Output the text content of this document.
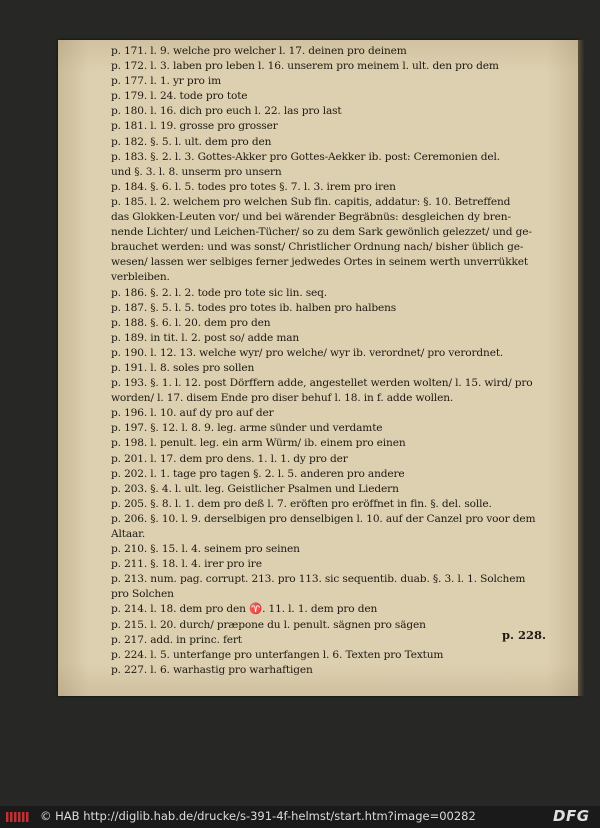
p. 171. l. 9. welche pro welcher l. 17. deinen pro deinem
p. 172. l. 3. laben pro leben l. 16. unserem pro meinem l. ult. den pro dem
p. 177. l. 1. yr pro im
p. 179. l. 24. tode pro tote
p. 180. l. 16. dich pro euch l. 22. las pro last
p. 181. l. 19. grosse pro grosser
p. 182. §. 5. l. ult. dem pro den
p. 183. §. 2. l. 3. Gottes-Akker pro Gottes-Aekker ib. post: Ceremonien del.
und §. 3. l. 8. unserm pro unsern
p. 184. §. 6. l. 5. todes pro totes §. 7. l. 3. irem pro iren
p. 185. l. 2. welchem pro welchen Sub fin. capitis, addatur: §. 10. Betreffend
das Glokken-Leuten vor/ und bei wärender Begräbnüs: desgleichen dy bren-
nende Lichter/ und Leichen-Tücher/ so zu dem Sark gewönlich gelezzet/ und ge-
brauchet werden: und was sonst/ Christlicher Ordnung nach/ bisher üblich ge-
wesen/ lassen wer selbiges ferner jedwedes Ortes in seinem werth unverrükket
verbleiben.
p. 186. §. 2. l. 2. tode pro tote sic lin. seq.
p. 187. §. 5. l. 5. todes pro totes ib. halben pro halbens
p. 188. §. 6. l. 20. dem pro den
p. 189. in tit. l. 2. post so/ adde man
p. 190. l. 12. 13. welche wyr/ pro welche/ wyr ib. verordnet/ pro verordnet.
p. 191. l. 8. soles pro sollen
p. 193. §. 1. l. 12. post Dörffern adde, angestellet werden wolten/ l. 15. wird/ pro
worden/ l. 17. disem Ende pro diser behuf l. 18. in f. adde wollen.
p. 196. l. 10. auf dy pro auf der
p. 197. §. 12. l. 8. 9. leg. arme sünder und verdamte
p. 198. l. penult. leg. ein arm Würm/ ib. einem pro einen
p. 201. l. 17. dem pro dens. 1. l. 1. dy pro der
p. 202. l. 1. tage pro tagen §. 2. l. 5. anderen pro andere
p. 203. §. 4. l. ult. leg. Geistlicher Psalmen und Liedern
p. 205. §. 8. l. 1. dem pro deß l. 7. eröften pro eröffnet in fin. §. del. solle.
p. 206. §. 10. l. 9. derselbigen pro denselbigen l. 10. auf der Canzel pro voor dem
Altaar.
p. 210. §. 15. l. 4. seinem pro seinen
p. 211. §. 18. l. 4. irer pro ire
p. 213. num. pag. corrupt. 213. pro 113. sic sequentib. duab. §. 3. l. 1. Solchem
pro Solchen
p. 214. l. 18. dem pro den ♈. 11. l. 1. dem pro den
p. 215. l. 20. durch/ præpone du l. penult. sägnen pro sägen
p. 217. add. in princ. fert
p. 224. l. 5. unterfange pro unterfangen l. 6. Texten pro Textum
p. 227. l. 6. warhastig pro warhaftigen
p. 228.
© HAB http://diglib.hab.de/drucke/s-391-4f-helmst/start.htm?image=00282	DFG
